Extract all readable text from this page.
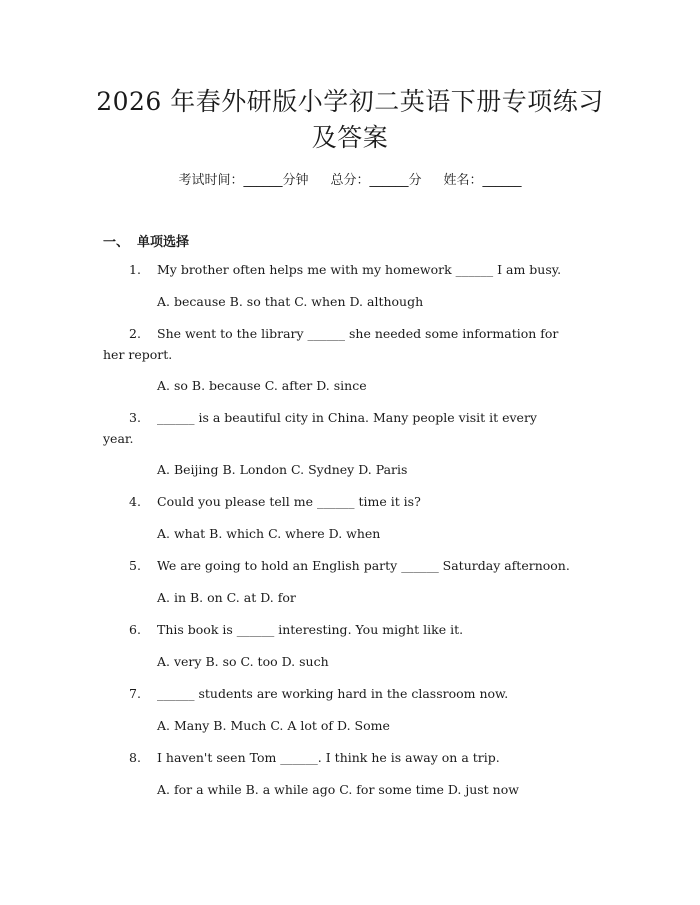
2026 年春外研版小学初二英语下册专项练习
及答案
考试时间：______分钟 总分：______分 姓名：______
一、 单项选择
1. My brother often helps me with my homework ______ I am busy.
A. because B. so that C. when D. although
2. She went to the library ______ she needed some information for
her report.
A. so B. because C. after D. since
3. ______ is a beautiful city in China. Many people visit it every
year.
A. Beijing B. London C. Sydney D. Paris
4. Could you please tell me ______ time it is?
A. what B. which C. where D. when
5. We are going to hold an English party ______ Saturday afternoon.
A. in B. on C. at D. for
6. This book is ______ interesting. You might like it.
A. very B. so C. too D. such
7. ______ students are working hard in the classroom now.
A. Many B. Much C. A lot of D. Some
8. I haven't seen Tom ______. I think he is away on a trip.
A. for a while B. a while ago C. for some time D. just now
